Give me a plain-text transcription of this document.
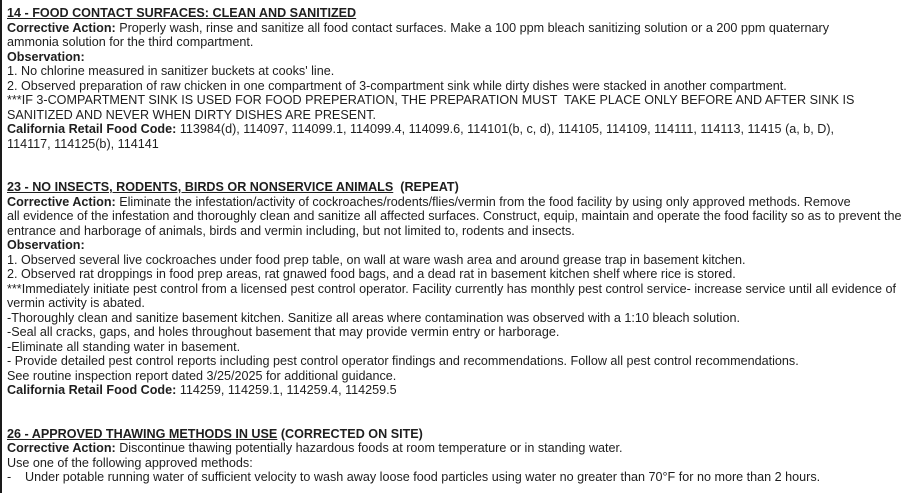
14 - FOOD CONTACT SURFACES: CLEAN AND SANITIZED
Corrective Action: Properly wash, rinse and sanitize all food contact surfaces. Make a 100 ppm bleach sanitizing solution or a 200 ppm quaternary
ammonia solution for the third compartment.
Observation:
1. No chlorine measured in sanitizer buckets at cooks' line.
2. Observed preparation of raw chicken in one compartment of 3-compartment sink while dirty dishes were stacked in another compartment.
***IF 3-COMPARTMENT SINK IS USED FOR FOOD PREPERATION, THE PREPARATION MUST  TAKE PLACE ONLY BEFORE AND AFTER SINK IS
SANITIZED AND NEVER WHEN DIRTY DISHES ARE PRESENT.
California Retail Food Code: 113984(d), 114097, 114099.1, 114099.4, 114099.6, 114101(b, c, d), 114105, 114109, 114111, 114113, 11415 (a, b, D),
114117, 114125(b), 114141
23 - NO INSECTS, RODENTS, BIRDS OR NONSERVICE ANIMALS  (REPEAT)
Corrective Action: Eliminate the infestation/activity of cockroaches/rodents/flies/vermin from the food facility by using only approved methods. Remove
all evidence of the infestation and thoroughly clean and sanitize all affected surfaces. Construct, equip, maintain and operate the food facility so as to prevent the
entrance and harborage of animals, birds and vermin including, but not limited to, rodents and insects.
Observation:
1. Observed several live cockroaches under food prep table, on wall at ware wash area and around grease trap in basement kitchen.
2. Observed rat droppings in food prep areas, rat gnawed food bags, and a dead rat in basement kitchen shelf where rice is stored.
***Immediately initiate pest control from a licensed pest control operator. Facility currently has monthly pest control service- increase service until all evidence of
vermin activity is abated.
-Thoroughly clean and sanitize basement kitchen. Sanitize all areas where contamination was observed with a 1:10 bleach solution.
-Seal all cracks, gaps, and holes throughout basement that may provide vermin entry or harborage.
-Eliminate all standing water in basement.
- Provide detailed pest control reports including pest control operator findings and recommendations. Follow all pest control recommendations.
See routine inspection report dated 3/25/2025 for additional guidance.
California Retail Food Code: 114259, 114259.1, 114259.4, 114259.5
26 - APPROVED THAWING METHODS IN USE (CORRECTED ON SITE)
Corrective Action: Discontinue thawing potentially hazardous foods at room temperature or in standing water.
Use one of the following approved methods:
- Under potable running water of sufficient velocity to wash away loose food particles using water no greater than 70°F for no more than 2 hours.
